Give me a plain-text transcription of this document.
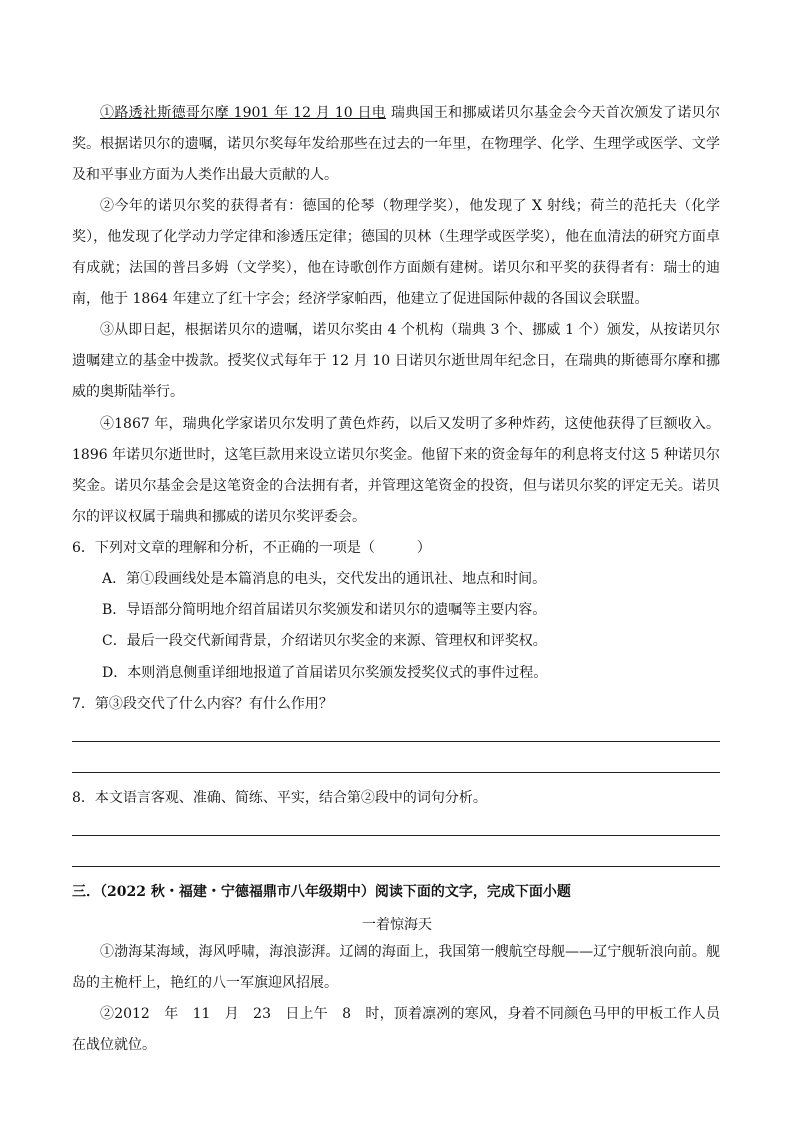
①路透社斯德哥尔摩 1901 年 12 月 10 日电 瑞典国王和挪威诺贝尔基金会今天首次颁发了诺贝尔奖。根据诺贝尔的遗嘱，诺贝尔奖每年发给那些在过去的一年里，在物理学、化学、生理学或医学、文学及和平事业方面为人类作出最大贡献的人。
②今年的诺贝尔奖的获得者有：德国的伦琴（物理学奖），他发现了 X 射线；荷兰的范托夫（化学奖），他发现了化学动力学定律和渗透压定律；德国的贝林（生理学或医学奖），他在血清法的研究方面卓有成就；法国的普吕多姆（文学奖），他在诗歌创作方面颇有建树。诺贝尔和平奖的获得者有：瑞士的迪南，他于 1864 年建立了红十字会；经济学家帕西，他建立了促进国际仲裁的各国议会联盟。
③从即日起，根据诺贝尔的遗嘱，诺贝尔奖由 4 个机构（瑞典 3 个、挪威 1 个）颁发，从按诺贝尔遗嘱建立的基金中拨款。授奖仪式每年于 12 月 10 日诺贝尔逝世周年纪念日，在瑞典的斯德哥尔摩和挪威的奥斯陆举行。
④1867 年，瑞典化学家诺贝尔发明了黄色炸药，以后又发明了多种炸药，这使他获得了巨额收入。1896 年诺贝尔逝世时，这笔巨款用来设立诺贝尔奖金。他留下来的资金每年的利息将支付这 5 种诺贝尔奖金。诺贝尔基金会是这笔资金的合法拥有者，并管理这笔资金的投资，但与诺贝尔奖的评定无关。诺贝尔的评议权属于瑞典和挪威的诺贝尔奖评委会。
6．下列对文章的理解和分析，不正确的一项是（　　　）
A．第①段画线处是本篇消息的电头，交代发出的通讯社、地点和时间。
B．导语部分简明地介绍首届诺贝尔奖颁发和诺贝尔的遗嘱等主要内容。
C．最后一段交代新闻背景，介绍诺贝尔奖金的来源、管理权和评奖权。
D．本则消息侧重详细地报道了首届诺贝尔奖颁发授奖仪式的事件过程。
7．第③段交代了什么内容？有什么作用？
8．本文语言客观、准确、简练、平实，结合第②段中的词句分析。
三．（2022 秋・福建・宁德福鼎市八年级期中）阅读下面的文字，完成下面小题
一着惊海天
①渤海某海域，海风呼啸，海浪澎湃。辽阔的海面上，我国第一艘航空母舰——辽宁舰斩浪向前。舰岛的主桅杆上，艳红的八一军旗迎风招展。
②2012　年　11　月　23　日上午　8　时，顶着凛冽的寒风，身着不同颜色马甲的甲板工作人员在战位就位。
